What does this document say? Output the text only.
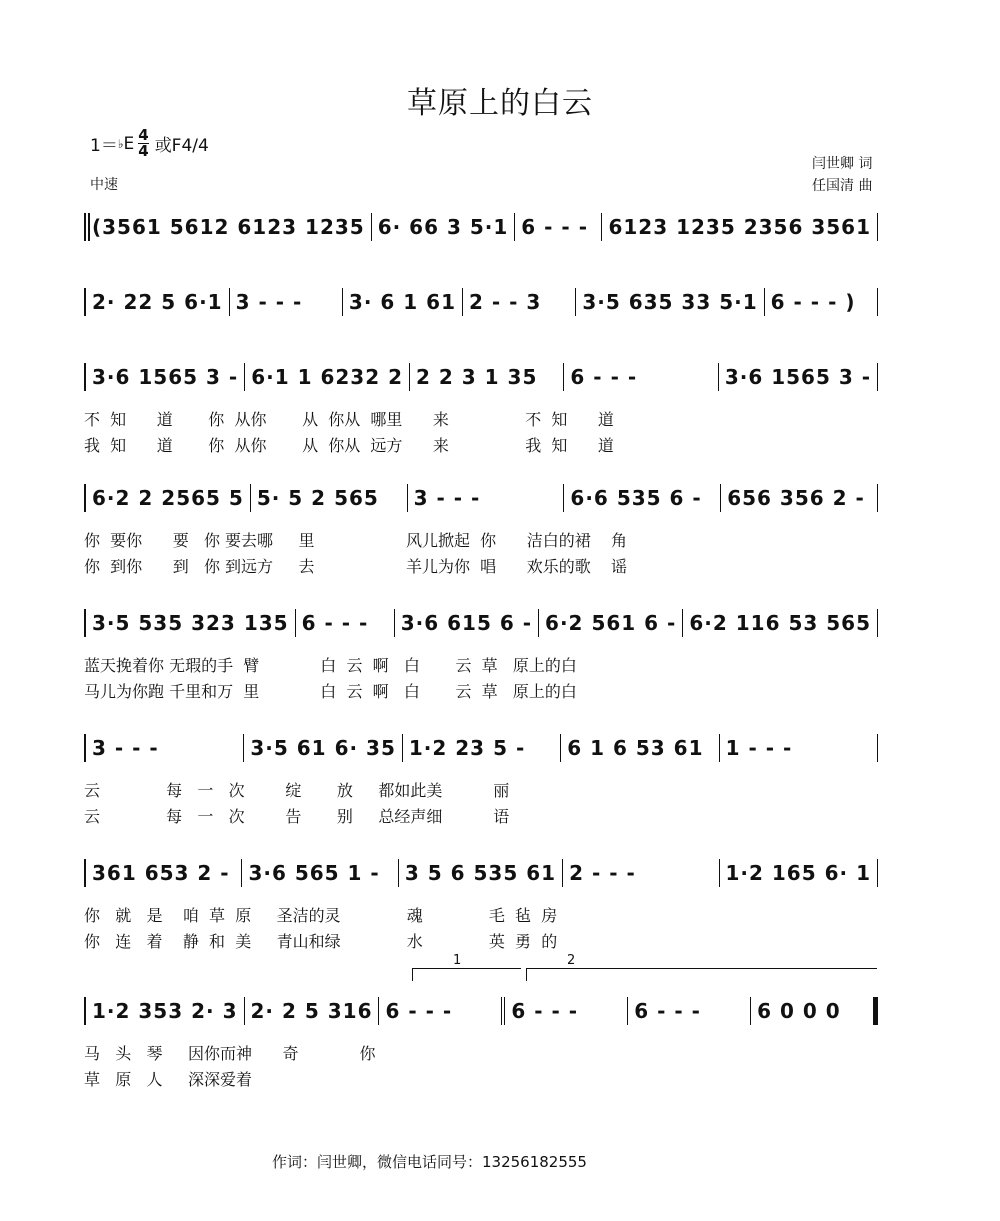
草原上的白云
1＝ ♭ E $\frac{4}{4}$ 或F4/4
中速
闫世卿 词
任国清 曲
(3561 5612 6123 1235 6· 66 3 5·1 6 - - -	6123 1235 2356 3561
2· 22 5 6·1 3 - - -	3· 6 1 61 2 - - 3	3·5 635 33 5·1 6 - - - )
3·6 1565 3 - 6·1 1 6232 2 2 2 3 1 35	6 - - -	3·6 1565 3 -
不  知      道       你  从你       从  你从  哪里      来               不  知      道
我  知      道       你  从你       从  你从  远方      来               我  知      道
6·2 2 2565 5 5· 5 2 565	3 - - -	6·6 535 6 -	656 356 2 -
你  要你      要   你 要去哪     里                  风儿掀起  你      洁白的裙    角
你  到你      到   你 到远方     去                  羊儿为你  唱      欢乐的歌    谣
3·5 535 323 135 6 - - -	3·6 615 6 - 6·2 561 6 - 6·2 116 53 565
蓝天挽着你 无瑕的手  臂            白  云  啊   白       云  草   原上的白
马儿为你跑 千里和万  里            白  云  啊   白       云  草   原上的白
3 - - -	3·5 61 6· 35 1·2 23 5 -	6 1 6 53 61	1 - - -
云             每   一   次        绽       放     都如此美          丽
云             每   一   次        告       别     总经声细          语
361 653 2 - 3·6 565 1 -	3 5 6 535 61 2 - - -	1·2 165 6· 1
你   就   是    咱  草  原     圣洁的灵             魂             毛  毡  房
你   连   着    静  和  美     青山和绿             水             英  勇  的
1·2 353 2· 3 2· 2 5 316 6 - - -	6 - - -	6 - - -	6 0 0 0
马   头   琴     因你而神      奇            你
草   原   人     深深爱着
1	2
作词：闫世卿，微信电话同号：13256182555
